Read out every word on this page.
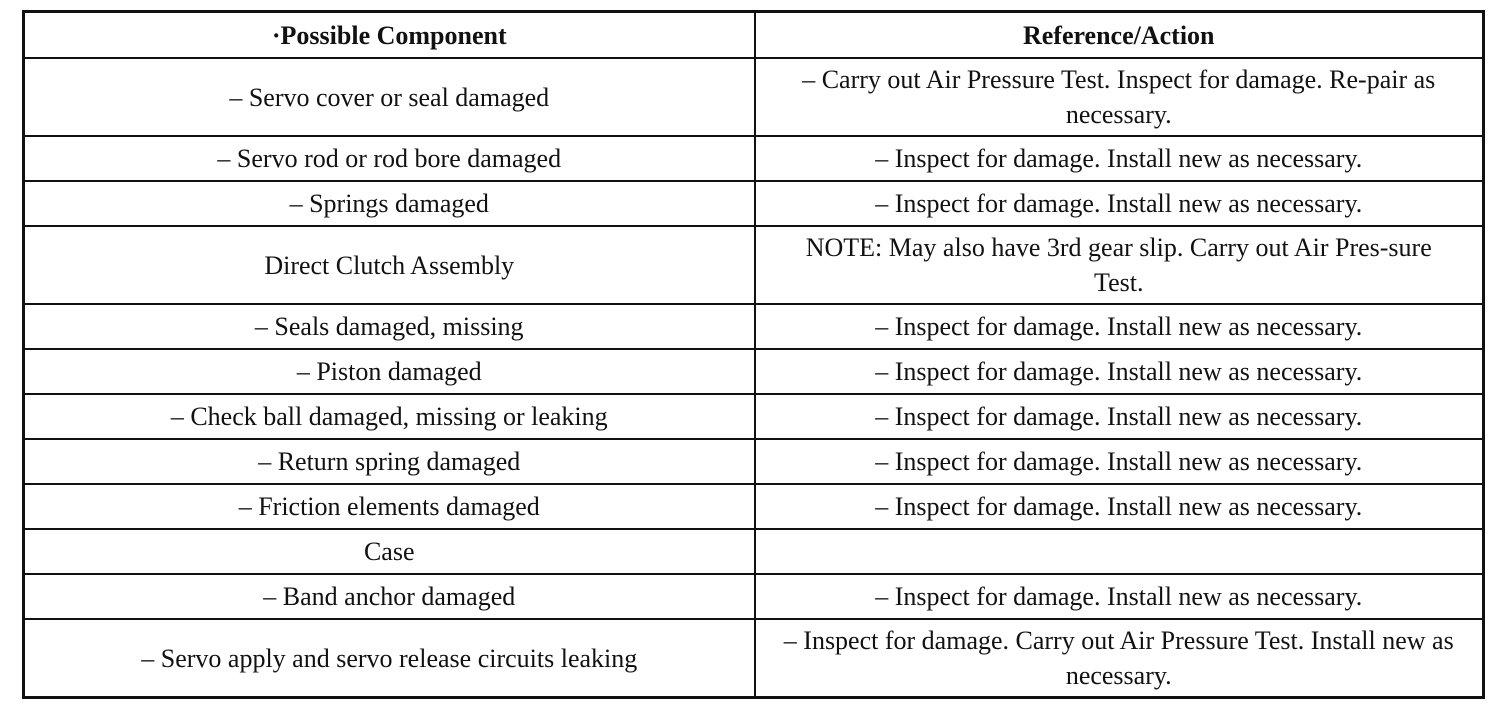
·Possible Component	Reference/Action
– Servo cover or seal damaged	– Carry out Air Pressure Test. Inspect for damage. Re-pair as necessary.
– Servo rod or rod bore damaged	– Inspect for damage. Install new as necessary.
– Springs damaged	– Inspect for damage. Install new as necessary.
Direct Clutch Assembly	NOTE: May also have 3rd gear slip. Carry out Air Pres-sure Test.
– Seals damaged, missing	– Inspect for damage. Install new as necessary.
– Piston damaged	– Inspect for damage. Install new as necessary.
– Check ball damaged, missing or leaking	– Inspect for damage. Install new as necessary.
– Return spring damaged	– Inspect for damage. Install new as necessary.
– Friction elements damaged	– Inspect for damage. Install new as necessary.
Case	
– Band anchor damaged	– Inspect for damage. Install new as necessary.
– Servo apply and servo release circuits leaking	– Inspect for damage. Carry out Air Pressure Test. Install new as necessary.
